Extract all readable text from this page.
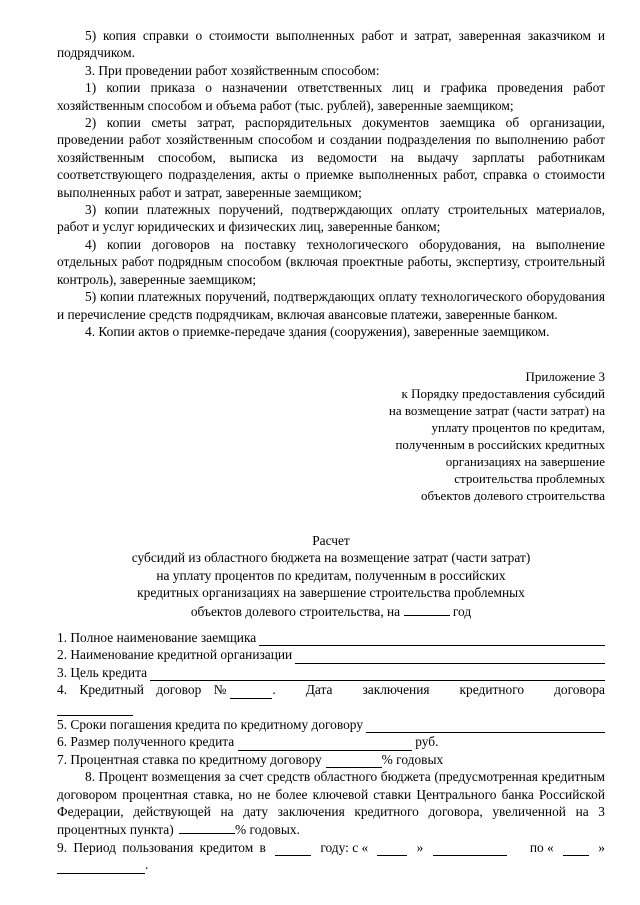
5) копия справки о стоимости выполненных работ и затрат, заверенная заказчиком и подрядчиком.

3. При проведении работ хозяйственным способом:

1) копии приказа о назначении ответственных лиц и графика проведения работ хозяйственным способом и объема работ (тыс. рублей), заверенные заемщиком;

2) копии сметы затрат, распорядительных документов заемщика об организации, проведении работ хозяйственным способом и создании подразделения по выполнению работ хозяйственным способом, выписка из ведомости на выдачу зарплаты работникам соответствующего подразделения, акты о приемке выполненных работ, справка о стоимости выполненных работ и затрат, заверенные заемщиком;

3) копии платежных поручений, подтверждающих оплату строительных материалов, работ и услуг юридических и физических лиц, заверенные банком;

4) копии договоров на поставку технологического оборудования, на выполнение отдельных работ подрядным способом (включая проектные работы, экспертизу, строительный контроль), заверенные заемщиком;

5) копии платежных поручений, подтверждающих оплату технологического оборудования и перечисление средств подрядчикам, включая авансовые платежи, заверенные банком.

4. Копии актов о приемке-передаче здания (сооружения), заверенные заемщиком.

Приложение 3
к Порядку предоставления субсидий
на возмещение затрат (части затрат) на
уплату процентов по кредитам,
полученным в российских кредитных
организациях на завершение
строительства проблемных
объектов долевого строительства
Расчет
субсидий из областного бюджета на возмещение затрат (части затрат)
на уплату процентов по кредитам, полученным в российских
кредитных организациях на завершение строительства проблемных
объектов долевого строительства, на	год
1. Полное наименование заемщика
2. Наименование кредитной организации
3. Цель кредита
4. Кредитный договор №	. Дата заключения кредитного договора
5. Сроки погашения кредита по кредитному договору
6. Размер полученного кредита	руб.
7. Процентная ставка по кредитному договору	% годовых

8. Процент возмещения за счет средств областного бюджета (предусмотренная кредитным договором процентная ставка, но не более ключевой ставки Центрального банка Российской Федерации, действующей на дату заключения кредитного договора, увеличенной на 3 процентных пункта)	% годовых.

9. Период пользования кредитом в	году: с «	»	по «	»
.
